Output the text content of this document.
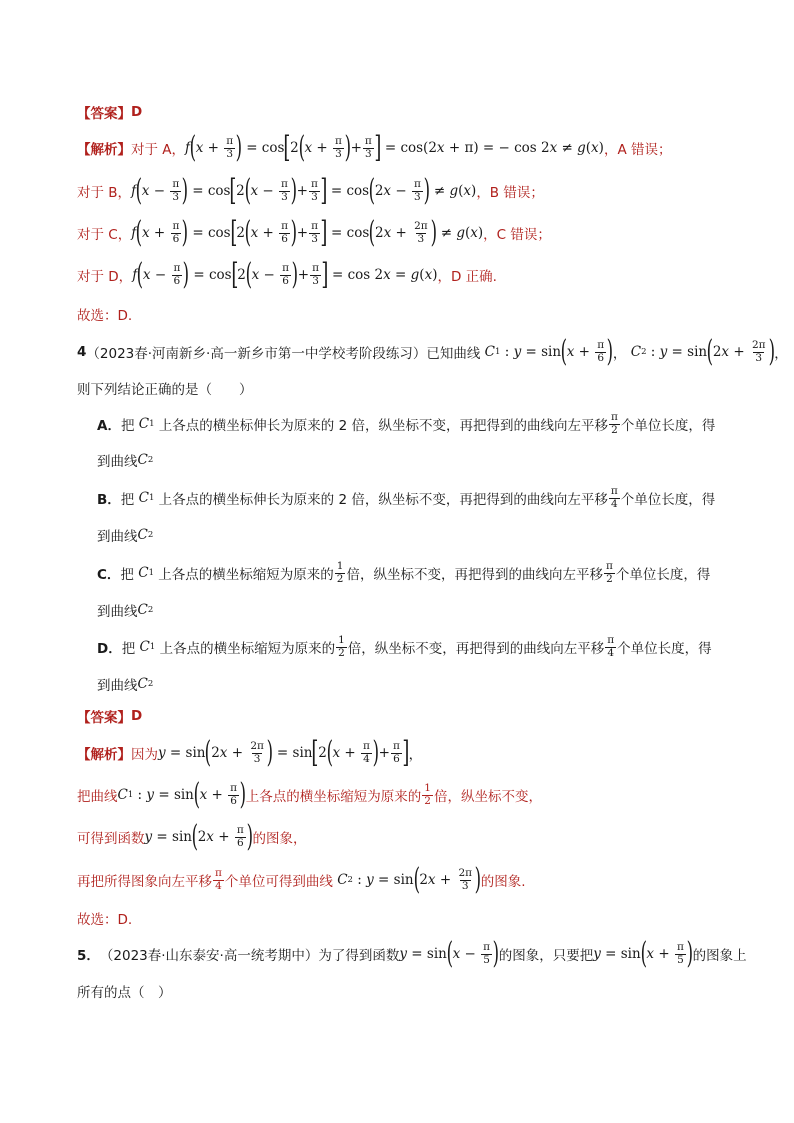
【答案】 D
【解析】 对于 A， f ( $x + \frac{\pi}{3}$ ) = cos [ 2 ( $x + \frac{\pi}{3}$ ) + $\frac{\pi}{3}$ ] = cos(2 x + π) = − cos 2 x ≠ g ( x ) ，A 错误；
对于 B， f ( $x - \frac{\pi}{3}$ ) = cos [ 2 ( $x - \frac{\pi}{3}$ ) + $\frac{\pi}{3}$ ] = cos ( 2 $x - \frac{\pi}{3}$ ) ≠ g ( x ) ，B 错误；
对于 C， f ( $x + \frac{\pi}{6}$ ) = cos [ 2 ( $x + \frac{\pi}{6}$ ) + $\frac{\pi}{3}$ ] = cos ( 2 $x + \frac{2\pi}{3}$ ) ≠ g ( x ) ，C 错误；
对于 D， f ( $x - \frac{\pi}{6}$ ) = cos [ 2 ( $x - \frac{\pi}{6}$ ) + $\frac{\pi}{3}$ ] = cos 2 x = g ( x ) ，D 正确.
故选：D.
4 （2023春·河南新乡·高一新乡市第一中学校考阶段练习） 已知曲线
C 1 : y = sin ( $x + \frac{\pi}{6}$ ) ， C 2 : y = sin ( 2 $x + \frac{2\pi}{3}$ ) ，
则下列结论正确的是（　　）
A． 把
C 1
上各点的横坐标伸长为原来的 2 倍，纵坐标不变，再把得到的曲线向左平移 $\frac{\pi}{2}$ 个单位长度，得
到曲线 C 2
B． 把
C 1
上各点的横坐标伸长为原来的 2 倍，纵坐标不变，再把得到的曲线向左平移 $\frac{\pi}{4}$ 个单位长度，得
到曲线 C 2
C． 把
C 1
上各点的横坐标缩短为原来的 $\frac{1}{2}$ 倍，纵坐标不变，再把得到的曲线向左平移 $\frac{\pi}{2}$ 个单位长度，得
到曲线 C 2
D． 把
C 1
上各点的横坐标缩短为原来的 $\frac{1}{2}$ 倍，纵坐标不变，再把得到的曲线向左平移 $\frac{\pi}{4}$ 个单位长度，得
到曲线 C 2
【答案】 D
【解析】 因为 y = sin ( 2 $x + \frac{2\pi}{3}$ ) = sin [ 2 ( $x + \frac{\pi}{4}$ ) + $\frac{\pi}{6}$ ] ，
把曲线 C 1 : y = sin ( $x + \frac{\pi}{6}$ ) 上各点的横坐标缩短为原来的 $\frac{1}{2}$ 倍，纵坐标不变，
可得到函数 y = sin ( 2 $x + \frac{\pi}{6}$ ) 的图象，
再把所得图象向左平移 $\frac{\pi}{4}$ 个单位可得到曲线
C 2 : y = sin ( 2 $x + \frac{2\pi}{3}$ ) 的图象.
故选：D.
5． （2023春·山东泰安·高一统考期中） 为了得到函数 y = sin ( $x - \frac{\pi}{5}$ ) 的图象，只要把 y = sin ( $x + \frac{\pi}{5}$ ) 的图象上
所有的点（　）
